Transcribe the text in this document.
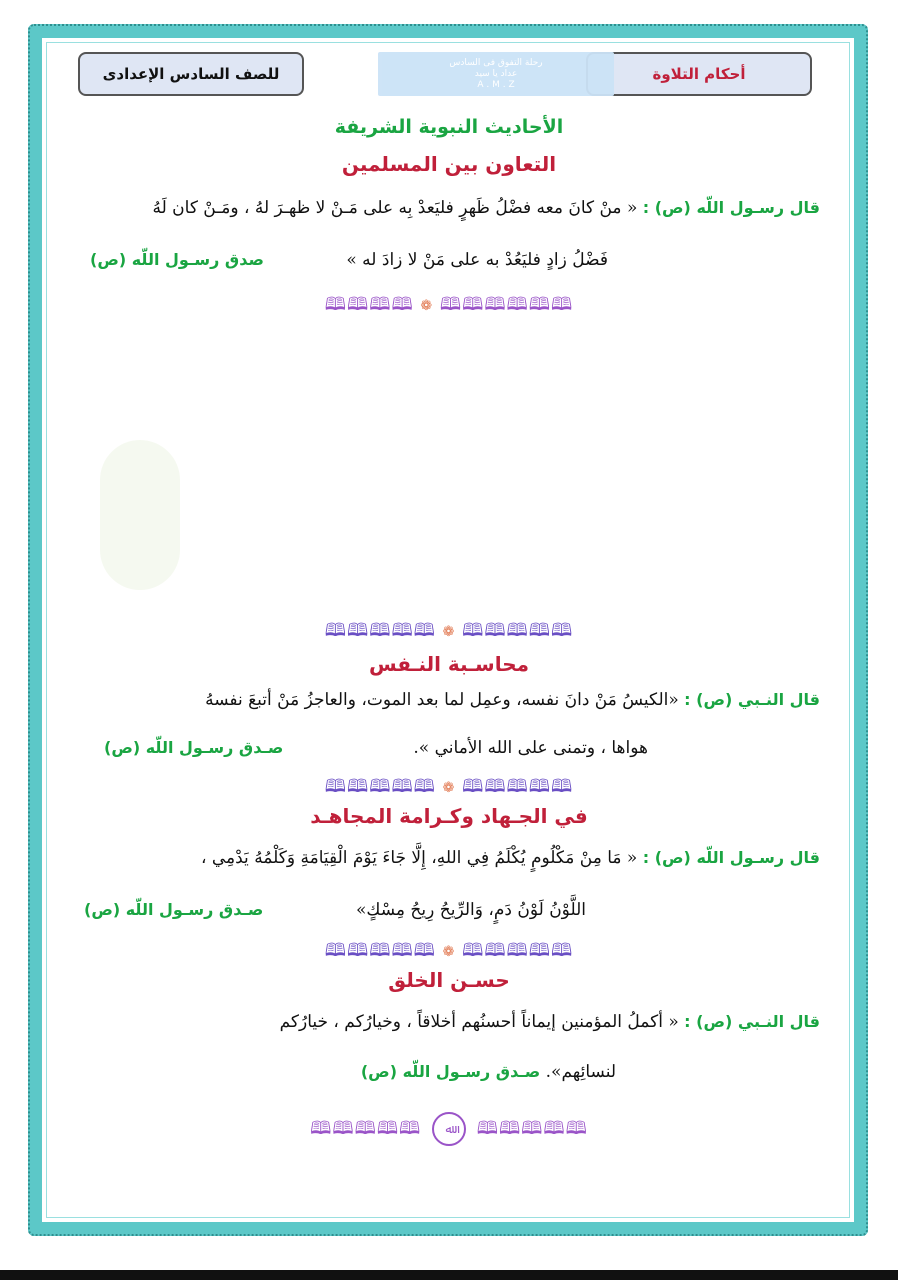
أحكام التلاوة
رحلة التفوق فى السادس
عداد يا سيد
A . M . Z
للصف السادس الإعدادى
الأحاديث النبوية الشريفة
التعاون بين المسلمين
قال رسـول اللّه (ص) : « منْ كانَ معه فضْلُ ظَهرٍ فليَعدْ بِه على مَـنْ لا ظهـرَ لهُ ، ومَـنْ كان لَهُ
فَضْلُ زادٍ فليَعُدْ به على مَنْ لا زادَ له »
صدق رسـول اللّه (ص)
🕮🕮🕮🕮 ❁ 🕮🕮🕮🕮🕮🕮
🕮🕮🕮🕮🕮 ❁ 🕮🕮🕮🕮🕮
محاسـبة النـفس
قال النـبي (ص) : «الكيسُ مَنْ دانَ نفسه، وعمِل لما بعد الموت، والعاجزُ مَنْ أتبعَ نفسهُ
هواها ، وتمنى على الله الأماني ».
صـدق رسـول اللّه (ص)
🕮🕮🕮🕮🕮 ❁ 🕮🕮🕮🕮🕮
في الجـهاد وكـرامة المجاهـد
قال رسـول اللّه (ص) : « مَا مِنْ مَكْلُومٍ يُكْلَمُ فِي اللهِ، إِلَّا جَاءَ يَوْمَ الْقِيَامَةِ وَكَلْمُهُ يَدْمِي ،
اللَّوْنُ لَوْنُ دَمٍ، وَالرِّيحُ رِيحُ مِسْكٍ»
صـدق رسـول اللّه (ص)
🕮🕮🕮🕮🕮 ❁ 🕮🕮🕮🕮🕮
حسـن الخلق
قال النـبي (ص) : « أكملُ المؤمنين إيماناً أحسنُهم أخلاقاً ، وخيارُكم ، خيارُكم
لنسائِهم». صـدق رسـول اللّه (ص)
🕮🕮🕮🕮🕮 ﷲ 🕮🕮🕮🕮🕮
